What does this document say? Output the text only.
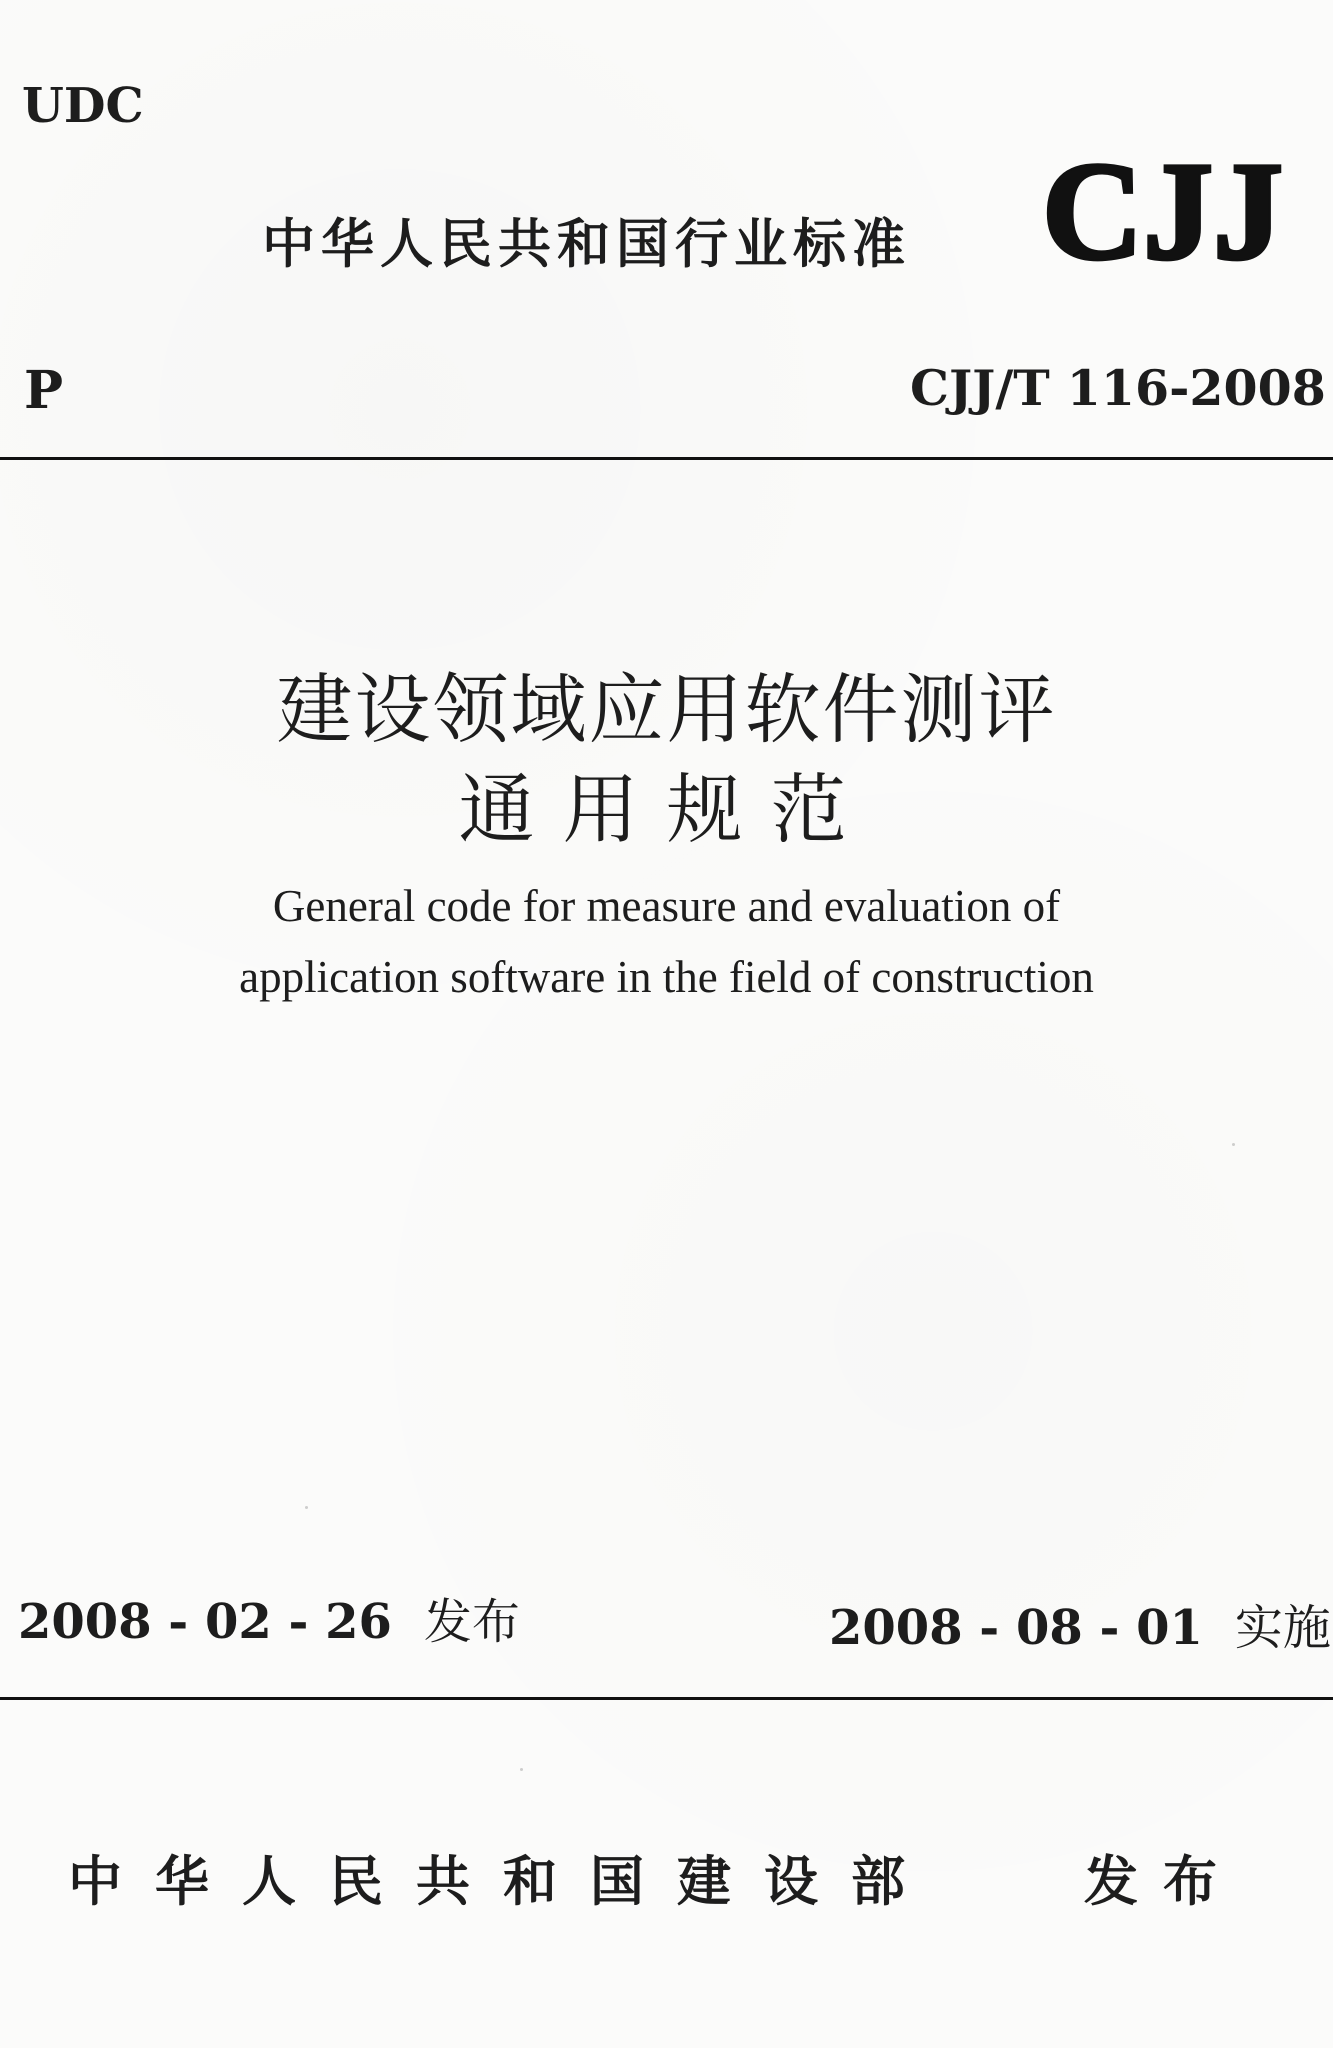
UDC
中华人民共和国行业标准 CJJ
P	CJJ/T 116-2008
建设领域应用软件测评
通用规范
General code for measure and evaluation of
application software in the field of construction
2008 - 02 - 26 发布	2008 - 08 - 01 实施
中华人民共和国建设部	发布
